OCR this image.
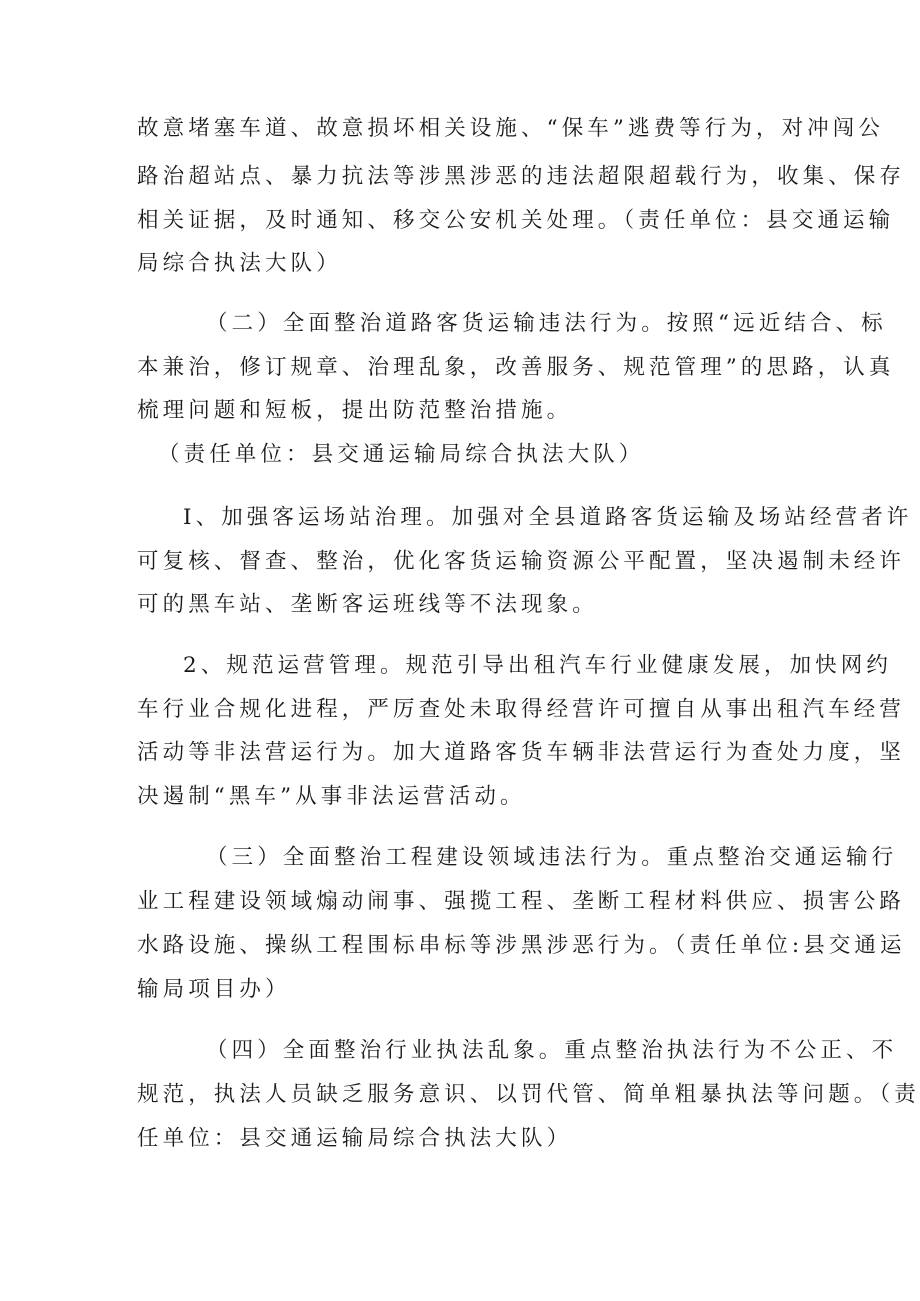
故意堵塞车道、故意损坏相关设施、“保车”逃费等行为，对冲闯公
路治超站点、暴力抗法等涉黑涉恶的违法超限超载行为，收集、保存
相关证据，及时通知、移交公安机关处理。（责任单位：县交通运输
局综合执法大队）
（二）全面整治道路客货运输违法行为。按照“远近结合、标
本兼治，修订规章、治理乱象，改善服务、规范管理”的思路，认真
梳理问题和短板，提出防范整治措施。
（责任单位：县交通运输局综合执法大队）
I、加强客运场站治理。加强对全县道路客货运输及场站经营者许
可复核、督查、整治，优化客货运输资源公平配置，坚决遏制未经许
可的黑车站、垄断客运班线等不法现象。
2、规范运营管理。规范引导出租汽车行业健康发展，加快网约
车行业合规化进程，严厉查处未取得经营许可擅自从事出租汽车经营
活动等非法营运行为。加大道路客货车辆非法营运行为查处力度，坚
决遏制“黑车”从事非法运营活动。
（三）全面整治工程建设领域违法行为。重点整治交通运输行
业工程建设领域煽动闹事、强揽工程、垄断工程材料供应、损害公路
水路设施、操纵工程围标串标等涉黑涉恶行为。（责任单位:县交通运
输局项目办）
（四）全面整治行业执法乱象。重点整治执法行为不公正、不
规范，执法人员缺乏服务意识、以罚代管、简单粗暴执法等问题。（责
任单位：县交通运输局综合执法大队）
